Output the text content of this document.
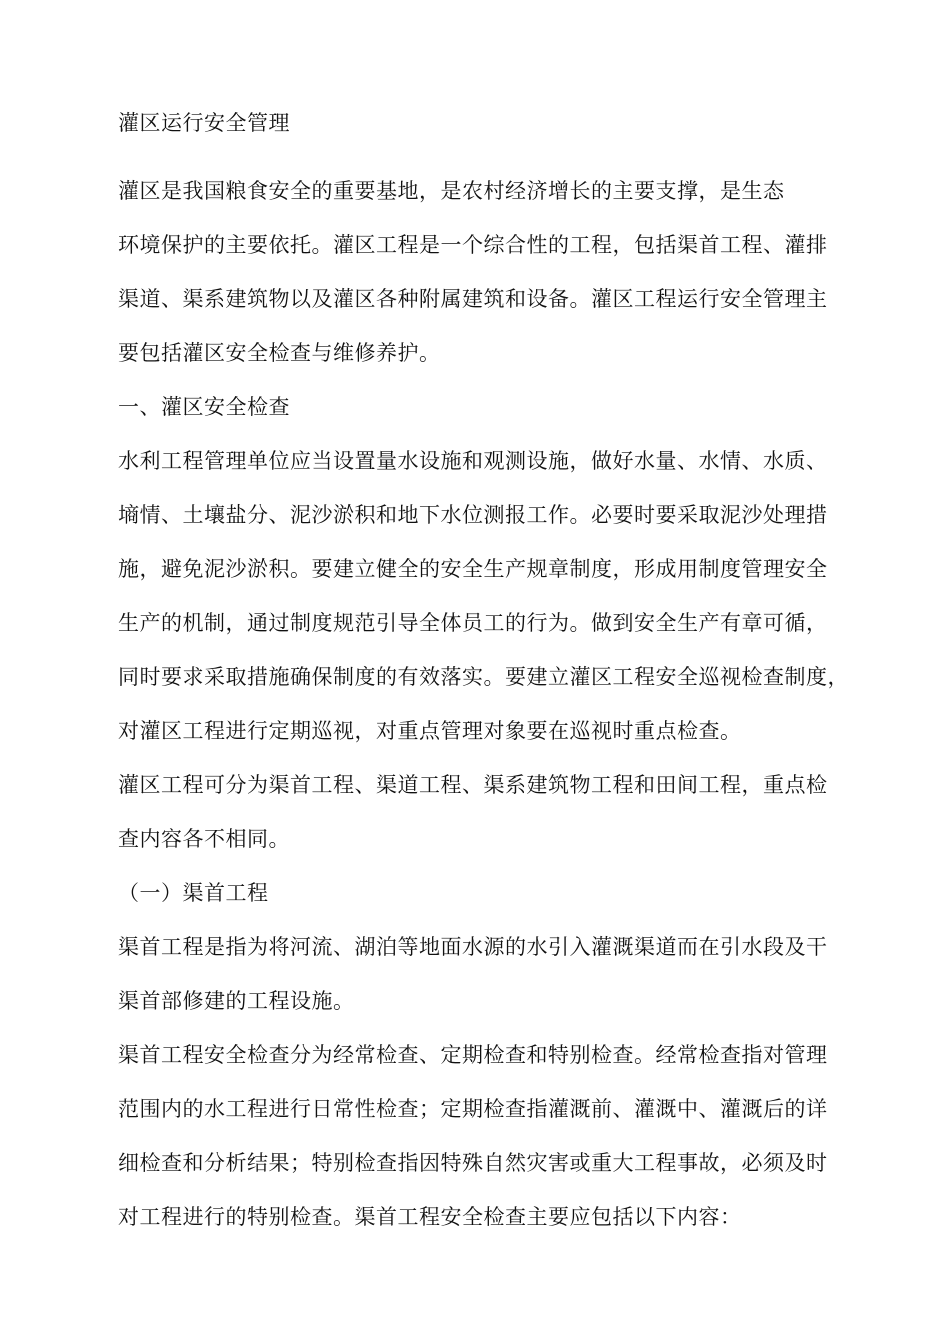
灌区运行安全管理
灌区是我国粮食安全的重要基地，是农村经济增长的主要支撑，是生态
环境保护的主要依托。灌区工程是一个综合性的工程，包括渠首工程、灌排
渠道、渠系建筑物以及灌区各种附属建筑和设备。灌区工程运行安全管理主
要包括灌区安全检查与维修养护。
一、灌区安全检查
水利工程管理单位应当设置量水设施和观测设施，做好水量、水情、水质、
墒情、土壤盐分、泥沙淤积和地下水位测报工作。必要时要采取泥沙处理措
施，避免泥沙淤积。要建立健全的安全生产规章制度，形成用制度管理安全
生产的机制，通过制度规范引导全体员工的行为。做到安全生产有章可循，
同时要求采取措施确保制度的有效落实。要建立灌区工程安全巡视检查制度，
对灌区工程进行定期巡视，对重点管理对象要在巡视时重点检查。
灌区工程可分为渠首工程、渠道工程、渠系建筑物工程和田间工程，重点检
查内容各不相同。
（一）渠首工程
渠首工程是指为将河流、湖泊等地面水源的水引入灌溉渠道而在引水段及干
渠首部修建的工程设施。
渠首工程安全检查分为经常检查、定期检查和特别检查。经常检查指对管理
范围内的水工程进行日常性检查；定期检查指灌溉前、灌溉中、灌溉后的详
细检查和分析结果；特别检查指因特殊自然灾害或重大工程事故，必须及时
对工程进行的特别检查。渠首工程安全检查主要应包括以下内容：
